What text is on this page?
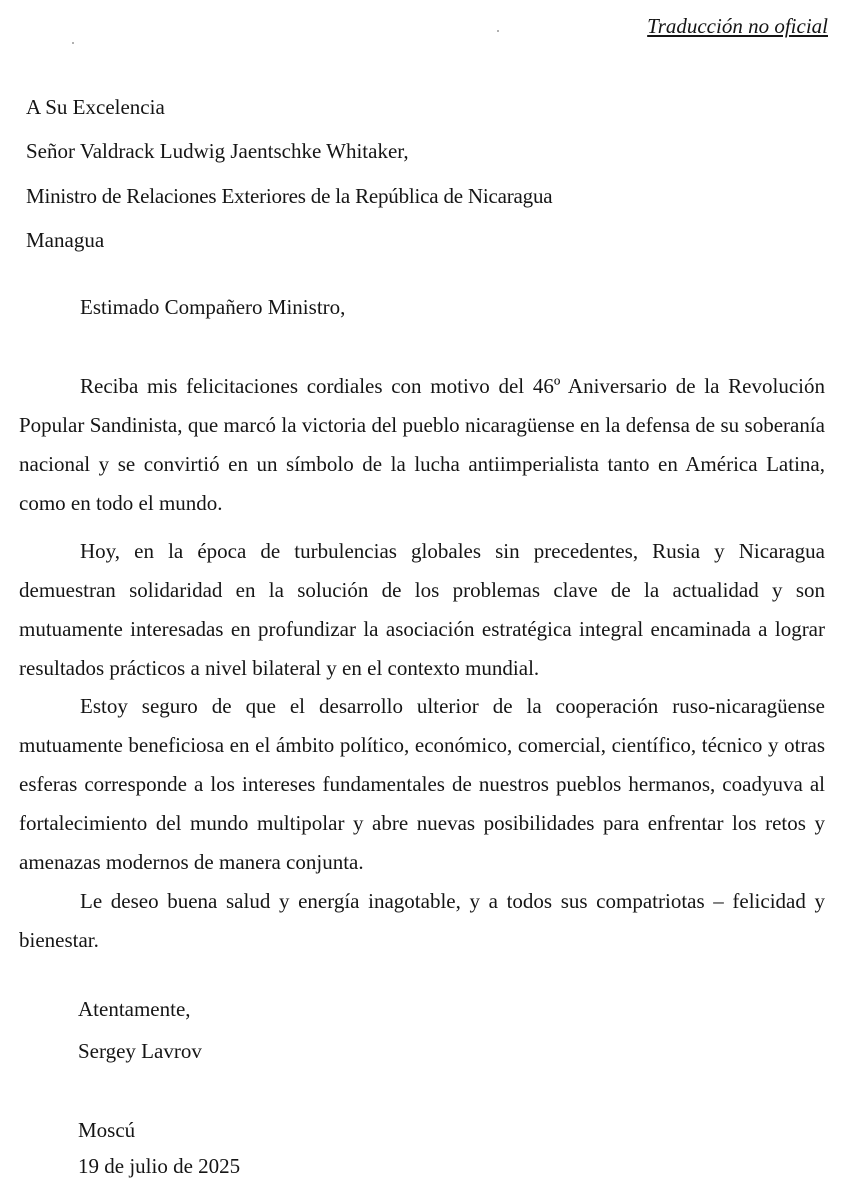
Traducción no oficial
A Su Excelencia
Señor Valdrack Ludwig Jaentschke Whitaker,
Ministro de Relaciones Exteriores de la República de Nicaragua
Managua
Estimado Compañero Ministro,

Reciba mis felicitaciones cordiales con motivo del 46º Aniversario de la Revolución Popular Sandinista, que marcó la victoria del pueblo nicaragüense en la defensa de su soberanía nacional y se convirtió en un símbolo de la lucha antiimperialista tanto en América Latina, como en todo el mundo.

Hoy, en la época de turbulencias globales sin precedentes, Rusia y Nicaragua demuestran solidaridad en la solución de los problemas clave de la actualidad y son mutuamente interesadas en profundizar la asociación estratégica integral encaminada a lograr resultados prácticos a nivel bilateral y en el contexto mundial.

Estoy seguro de que el desarrollo ulterior de la cooperación ruso-nicaragüense mutuamente beneficiosa en el ámbito político, económico, comercial, científico, técnico y otras esferas corresponde a los intereses fundamentales de nuestros pueblos hermanos, coadyuva al fortalecimiento del mundo multipolar y abre nuevas posibilidades para enfrentar los retos y amenazas modernos de manera conjunta.

Le deseo buena salud y energía inagotable, y a todos sus compatriotas – felicidad y bienestar.

Atentamente,
Sergey Lavrov
Moscú
19 de julio de 2025
